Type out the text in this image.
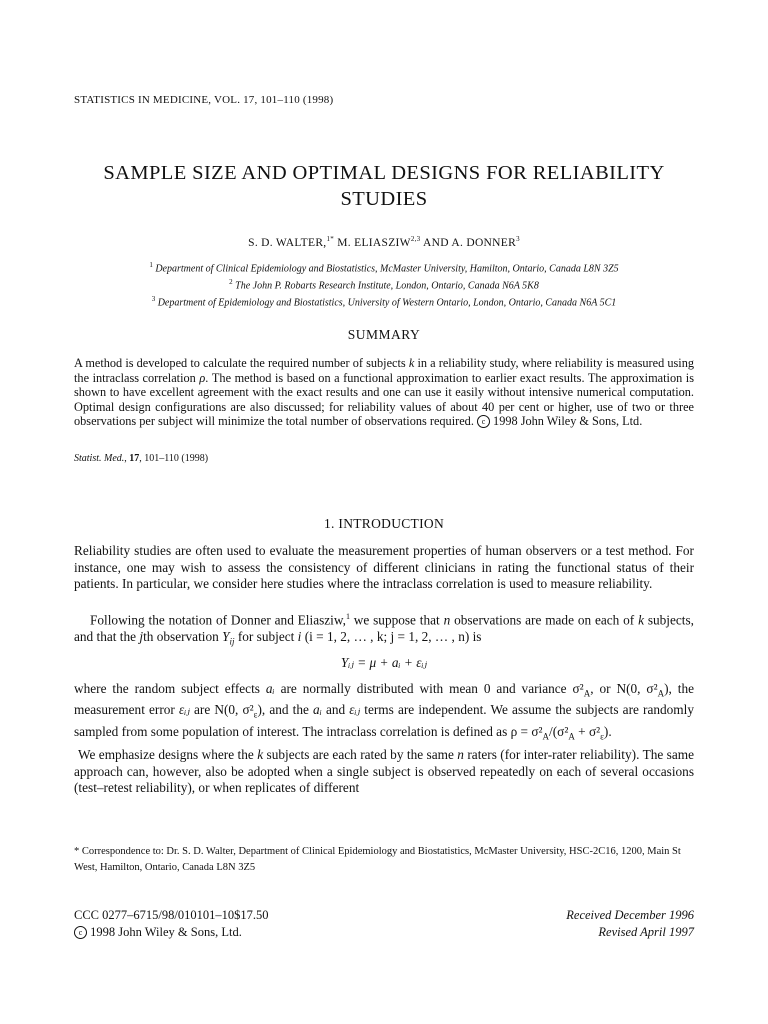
STATISTICS IN MEDICINE, VOL. 17, 101–110 (1998)
SAMPLE SIZE AND OPTIMAL DESIGNS FOR RELIABILITY STUDIES
S. D. WALTER,$^{1*}$ M. ELIASZIW$^{2,3}$ AND A. DONNER$^3$
$^1$ Department of Clinical Epidemiology and Biostatistics, McMaster University, Hamilton, Ontario, Canada L8N 3Z5
$^2$ The John P. Robarts Research Institute, London, Ontario, Canada N6A 5K8
$^3$ Department of Epidemiology and Biostatistics, University of Western Ontario, London, Ontario, Canada N6A 5C1
SUMMARY
A method is developed to calculate the required number of subjects k in a reliability study, where reliability is measured using the intraclass correlation ρ. The method is based on a functional approximation to earlier exact results. The approximation is shown to have excellent agreement with the exact results and one can use it easily without intensive numerical computation. Optimal design configurations are also discussed; for reliability values of about 40 per cent or higher, use of two or three observations per subject will minimize the total number of observations required. c 1998 John Wiley & Sons, Ltd.
Statist. Med., 17, 101–110 (1998)
1. INTRODUCTION
Reliability studies are often used to evaluate the measurement properties of human observers or a test method. For instance, one may wish to assess the consistency of different clinicians in rating the functional status of their patients. In particular, we consider here studies where the intraclass correlation is used to measure reliability.
Following the notation of Donner and Eliasziw,$^1$ we suppose that n observations are made on each of k subjects, and that the jth observation $Y_{ij}$ for subject i (i = 1, 2, … , k; j = 1, 2, … , n) is
Yᵢⱼ = μ + aᵢ + εᵢⱼ
where the random subject effects aᵢ are normally distributed with mean 0 and variance $\sigma^2_A$, or N(0, $\sigma^2_A$), the measurement error εᵢⱼ are N(0, $\sigma^2_\varepsilon$), and the aᵢ and εᵢⱼ terms are independent. We assume the subjects are randomly sampled from some population of interest. The intraclass correlation is defined as $\rho = \sigma^2_A/(\sigma^2_A + \sigma^2_\varepsilon)$.
We emphasize designs where the k subjects are each rated by the same n raters (for inter-rater reliability). The same approach can, however, also be adopted when a single subject is observed repeatedly on each of several occasions (test–retest reliability), or when replicates of different
* Correspondence to: Dr. S. D. Walter, Department of Clinical Epidemiology and Biostatistics, McMaster University, HSC-2C16, 1200, Main St West, Hamilton, Ontario, Canada L8N 3Z5
CCC 0277–6715/98/010101–10$17.50
c 1998 John Wiley & Sons, Ltd.
Received December 1996
Revised April 1997
